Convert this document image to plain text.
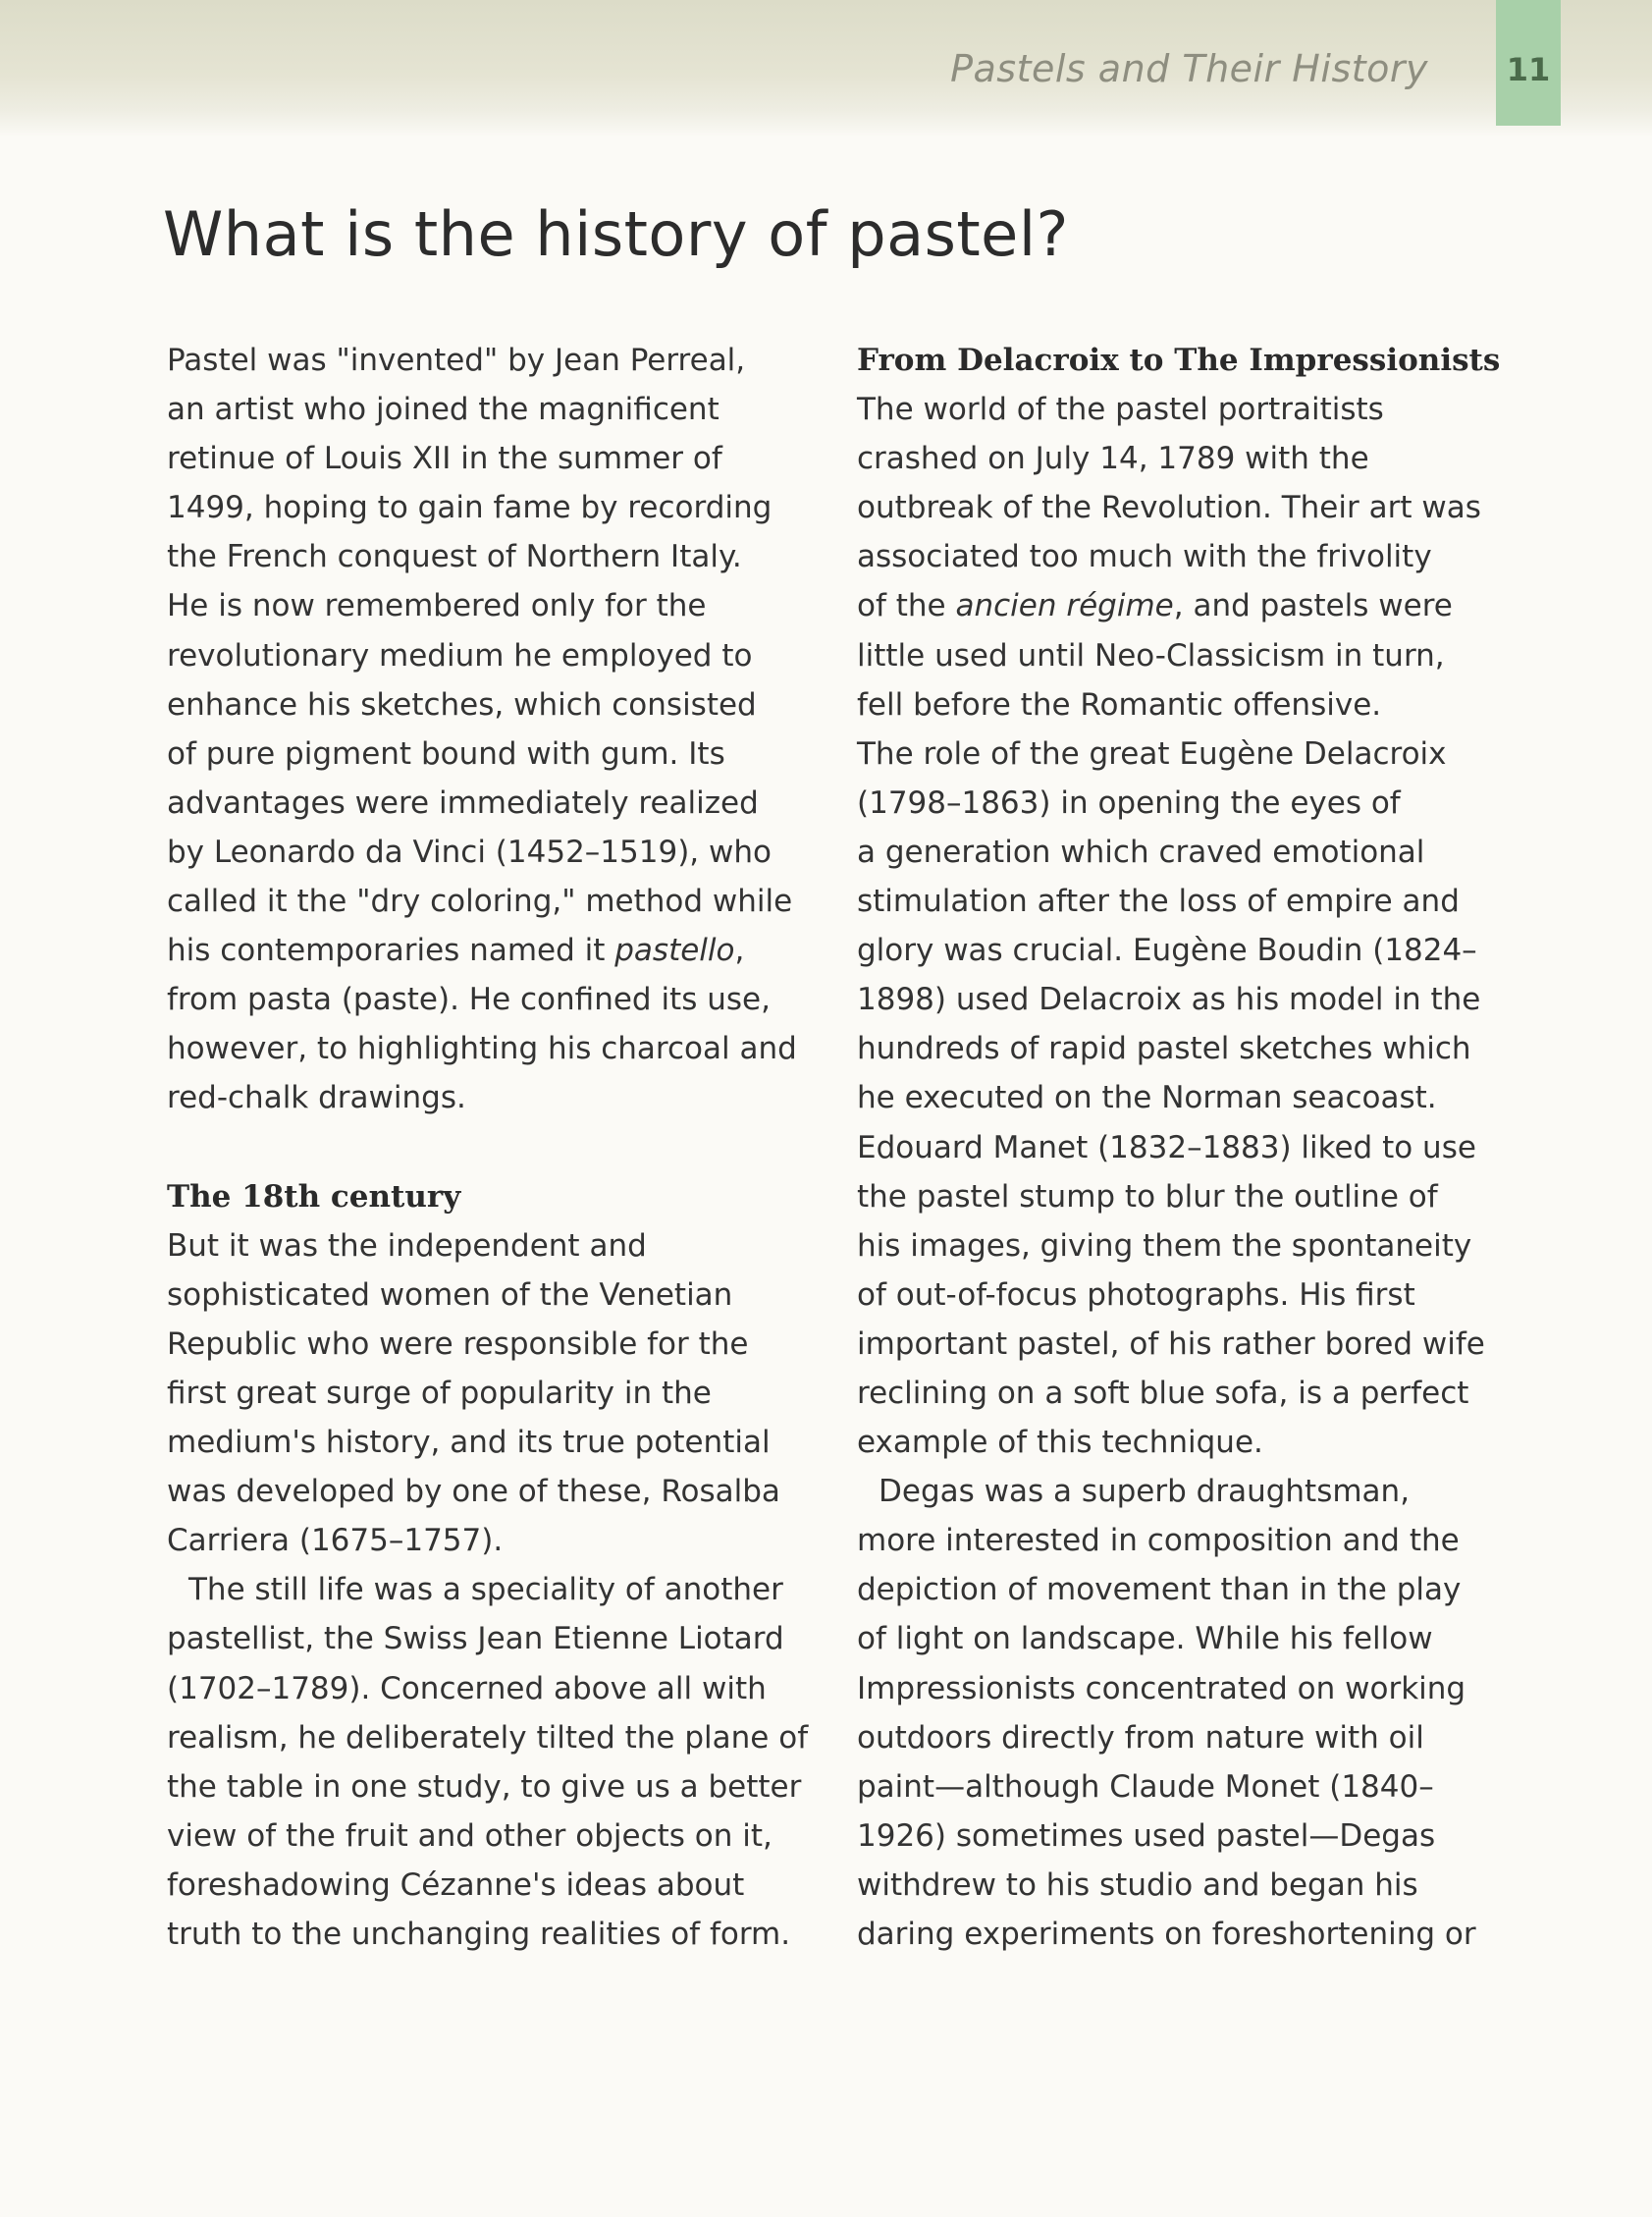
Pastels and Their History	11
What is the history of pastel?
Pastel was "invented" by Jean Perreal,
an artist who joined the magnificent
retinue of Louis XII in the summer of
1499, hoping to gain fame by recording
the French conquest of Northern Italy.
He is now remembered only for the
revolutionary medium he employed to
enhance his sketches, which consisted
of pure pigment bound with gum. Its
advantages were immediately realized
by Leonardo da Vinci (1452–1519), who
called it the "dry coloring," method while
his contemporaries named it pastello,
from pasta (paste). He confined its use,
however, to highlighting his charcoal and
red-chalk drawings.
The 18th century
But it was the independent and
sophisticated women of the Venetian
Republic who were responsible for the
first great surge of popularity in the
medium's history, and its true potential
was developed by one of these, Rosalba
Carriera (1675–1757).
The still life was a speciality of another
pastellist, the Swiss Jean Etienne Liotard
(1702–1789). Concerned above all with
realism, he deliberately tilted the plane of
the table in one study, to give us a better
view of the fruit and other objects on it,
foreshadowing Cézanne's ideas about
truth to the unchanging realities of form.
From Delacroix to The Impressionists
The world of the pastel portraitists
crashed on July 14, 1789 with the
outbreak of the Revolution. Their art was
associated too much with the frivolity
of the ancien régime, and pastels were
little used until Neo-Classicism in turn,
fell before the Romantic offensive.
The role of the great Eugène Delacroix
(1798–1863) in opening the eyes of
a generation which craved emotional
stimulation after the loss of empire and
glory was crucial. Eugène Boudin (1824–
1898) used Delacroix as his model in the
hundreds of rapid pastel sketches which
he executed on the Norman seacoast.
Edouard Manet (1832–1883) liked to use
the pastel stump to blur the outline of
his images, giving them the spontaneity
of out-of-focus photographs. His first
important pastel, of his rather bored wife
reclining on a soft blue sofa, is a perfect
example of this technique.
Degas was a superb draughtsman,
more interested in composition and the
depiction of movement than in the play
of light on landscape. While his fellow
Impressionists concentrated on working
outdoors directly from nature with oil
paint—although Claude Monet (1840–
1926) sometimes used pastel—Degas
withdrew to his studio and began his
daring experiments on foreshortening or
